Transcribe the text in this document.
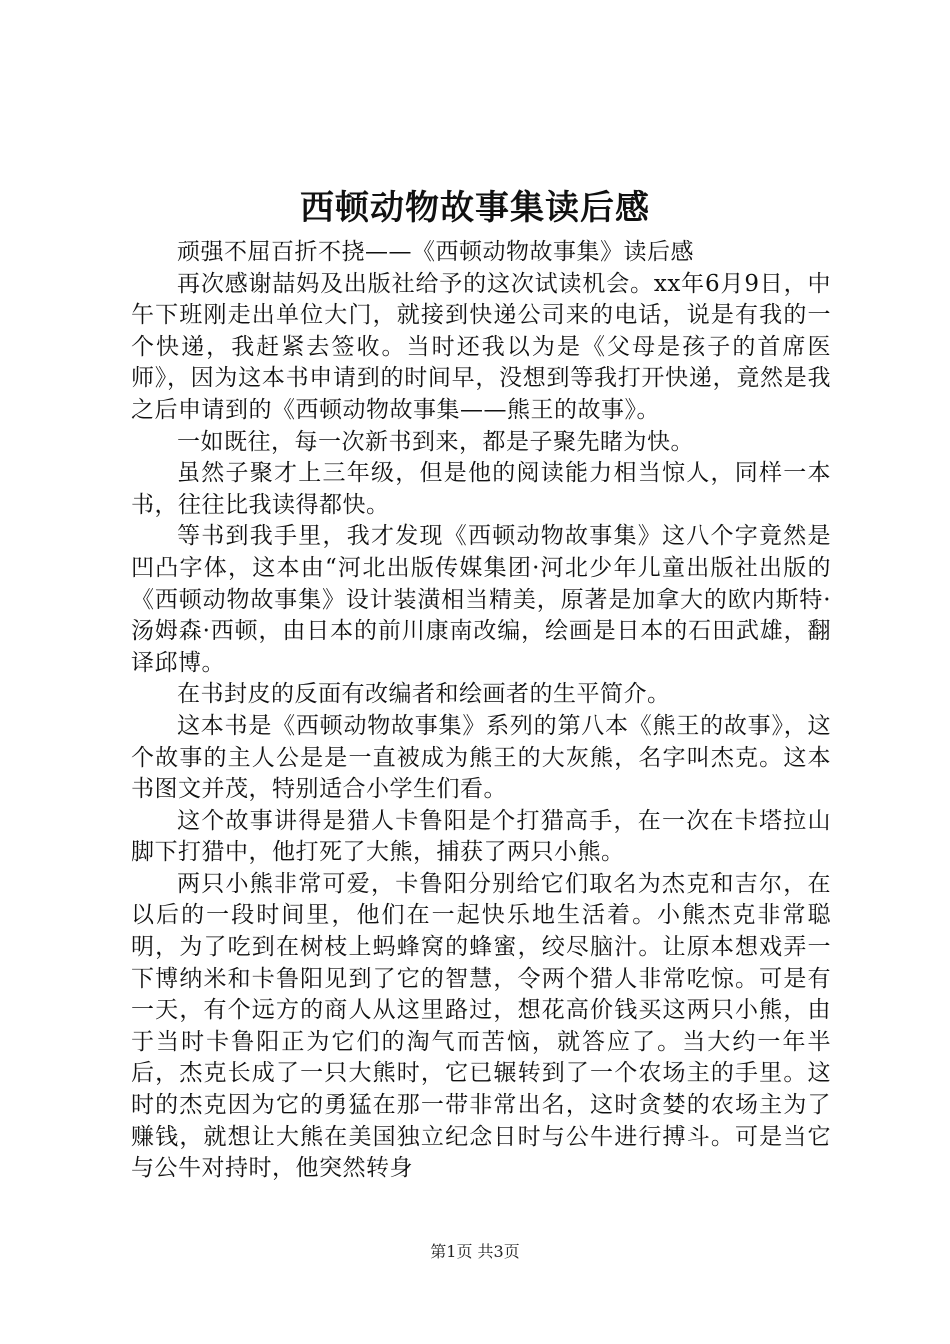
西顿动物故事集读后感

顽强不屈百折不挠——《西顿动物故事集》读后感

再次感谢喆妈及出版社给予的这次试读机会。xx年6月9日，中午下班刚走出单位大门，就接到快递公司来的电话，说是有我的一个快递，我赶紧去签收。当时还我以为是《父母是孩子的首席医师》，因为这本书申请到的时间早，没想到等我打开快递，竟然是我之后申请到的《西顿动物故事集——熊王的故事》。

一如既往，每一次新书到来，都是子聚先睹为快。

虽然子聚才上三年级，但是他的阅读能力相当惊人，同样一本书，往往比我读得都快。

等书到我手里，我才发现《西顿动物故事集》这八个字竟然是凹凸字体，这本由“河北出版传媒集团·河北少年儿童出版社出版的《西顿动物故事集》设计装潢相当精美，原著是加拿大的欧内斯特·汤姆森·西顿，由日本的前川康南改编，绘画是日本的石田武雄，翻译邱博。

在书封皮的反面有改编者和绘画者的生平简介。

这本书是《西顿动物故事集》系列的第八本《熊王的故事》，这个故事的主人公是是一直被成为熊王的大灰熊，名字叫杰克。这本书图文并茂，特别适合小学生们看。

这个故事讲得是猎人卡鲁阳是个打猎高手，在一次在卡塔拉山脚下打猎中，他打死了大熊，捕获了两只小熊。

两只小熊非常可爱，卡鲁阳分别给它们取名为杰克和吉尔，在以后的一段时间里，他们在一起快乐地生活着。小熊杰克非常聪明，为了吃到在树枝上蚂蜂窝的蜂蜜，绞尽脑汁。让原本想戏弄一下博纳米和卡鲁阳见到了它的智慧，令两个猎人非常吃惊。可是有一天，有个远方的商人从这里路过，想花高价钱买这两只小熊，由于当时卡鲁阳正为它们的淘气而苦恼，就答应了。当大约一年半后，杰克长成了一只大熊时，它已辗转到了一个农场主的手里。这时的杰克因为它的勇猛在那一带非常出名，这时贪婪的农场主为了赚钱，就想让大熊在美国独立纪念日时与公牛进行搏斗。可是当它与公牛对持时，他突然转身

第1页 共3页
